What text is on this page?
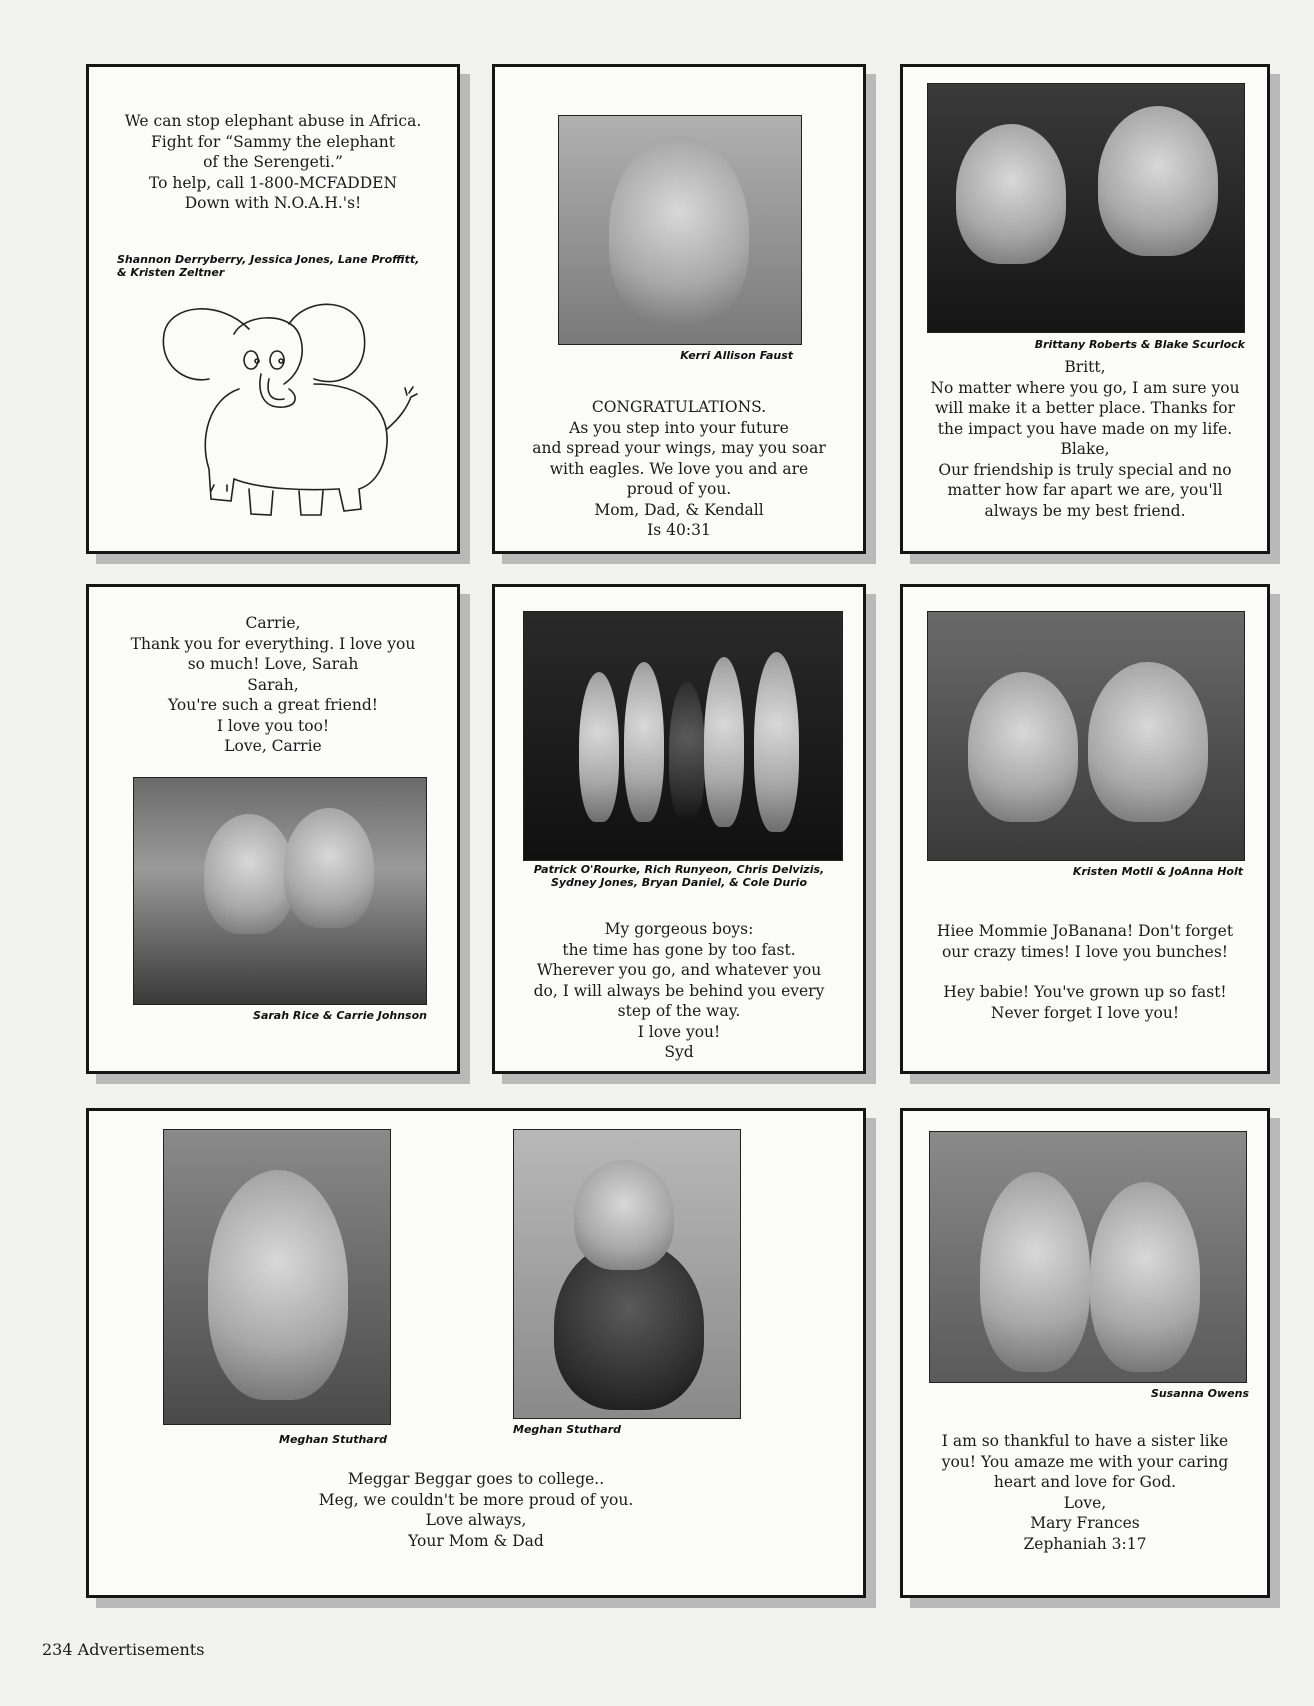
We can stop elephant abuse in Africa.
Fight for “Sammy the elephant
of the Serengeti.”
To help, call 1-800-MCFADDEN
Down with N.O.A.H.'s!
Shannon Derryberry, Jessica Jones, Lane Proffitt,
& Kristen Zeltner
Kerri Allison Faust
CONGRATULATIONS.
As you step into your future
and spread your wings, may you soar
with eagles. We love you and are
proud of you.
Mom, Dad, & Kendall
Is 40:31
Brittany Roberts & Blake Scurlock
Britt,
No matter where you go, I am sure you
will make it a better place. Thanks for
the impact you have made on my life.
Blake,
Our friendship is truly special and no
matter how far apart we are, you'll
always be my best friend.
Carrie,
Thank you for everything. I love you
so much! Love, Sarah
Sarah,
You're such a great friend!
I love you too!
Love, Carrie
Sarah Rice & Carrie Johnson
Patrick O'Rourke, Rich Runyeon, Chris Delvizis,
Sydney Jones, Bryan Daniel, & Cole Durio
My gorgeous boys:
the time has gone by too fast.
Wherever you go, and whatever you
do, I will always be behind you every
step of the way.
I love you!
Syd
Kristen Motli & JoAnna Holt
Hiee Mommie JoBanana! Don't forget
our crazy times! I love you bunches!
Hey babie! You've grown up so fast!
Never forget I love you!
Meghan Stuthard
Meghan Stuthard
Meggar Beggar goes to college..
Meg, we couldn't be more proud of you.
Love always,
Your Mom & Dad
Susanna Owens
I am so thankful to have a sister like
you! You amaze me with your caring
heart and love for God.
Love,
Mary Frances
Zephaniah 3:17
234 Advertisements
